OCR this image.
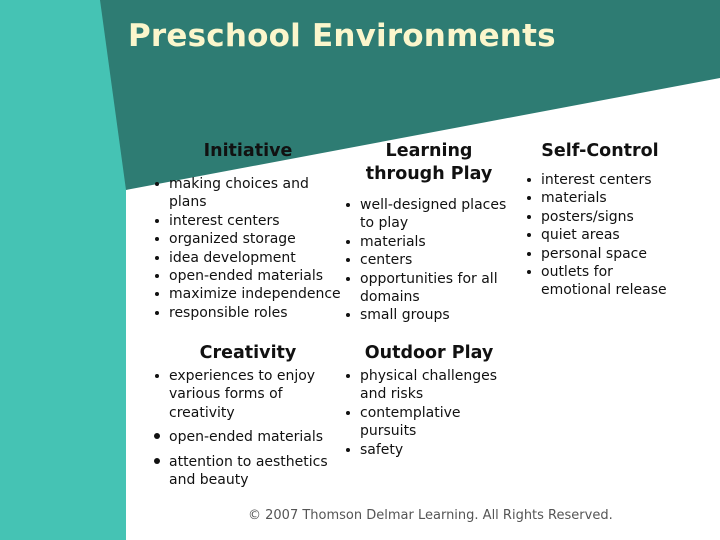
Preschool Environments
Initiative
making choices and plans
interest centers
organized storage
idea development
open-ended materials
maximize independence
responsible roles
Learning
through Play
well-designed places to play
materials
centers
opportunities for all domains
small groups
Self-Control
interest centers
materials
posters/signs
quiet areas
personal space
outlets for emotional release
Creativity
experiences to enjoy various forms of creativity
open-ended materials
attention to aesthetics and beauty
Outdoor Play
physical challenges and risks
contemplative pursuits
safety
© 2007 Thomson Delmar Learning. All Rights Reserved.
